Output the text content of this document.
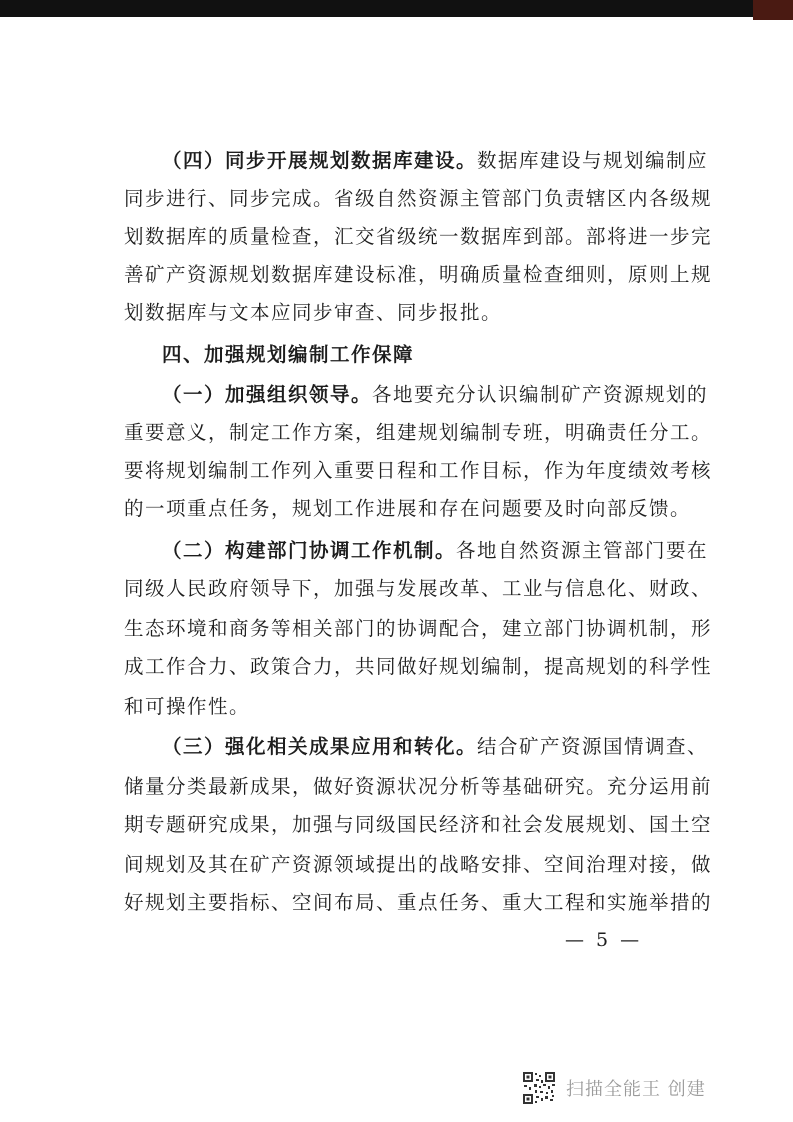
（四）同步开展规划数据库建设。数据库建设与规划编制应
同步进行、同步完成。省级自然资源主管部门负责辖区内各级规
划数据库的质量检查，汇交省级统一数据库到部。部将进一步完
善矿产资源规划数据库建设标准，明确质量检查细则，原则上规
划数据库与文本应同步审查、同步报批。
四、加强规划编制工作保障
（一）加强组织领导。各地要充分认识编制矿产资源规划的
重要意义，制定工作方案，组建规划编制专班，明确责任分工。
要将规划编制工作列入重要日程和工作目标，作为年度绩效考核
的一项重点任务，规划工作进展和存在问题要及时向部反馈。
（二）构建部门协调工作机制。各地自然资源主管部门要在
同级人民政府领导下，加强与发展改革、工业与信息化、财政、
生态环境和商务等相关部门的协调配合，建立部门协调机制，形
成工作合力、政策合力，共同做好规划编制，提高规划的科学性
和可操作性。
（三）强化相关成果应用和转化。结合矿产资源国情调查、
储量分类最新成果，做好资源状况分析等基础研究。充分运用前
期专题研究成果，加强与同级国民经济和社会发展规划、国土空
间规划及其在矿产资源领域提出的战略安排、空间治理对接，做
好规划主要指标、空间布局、重点任务、重大工程和实施举措的
— 5 —
扫描全能王 创建
